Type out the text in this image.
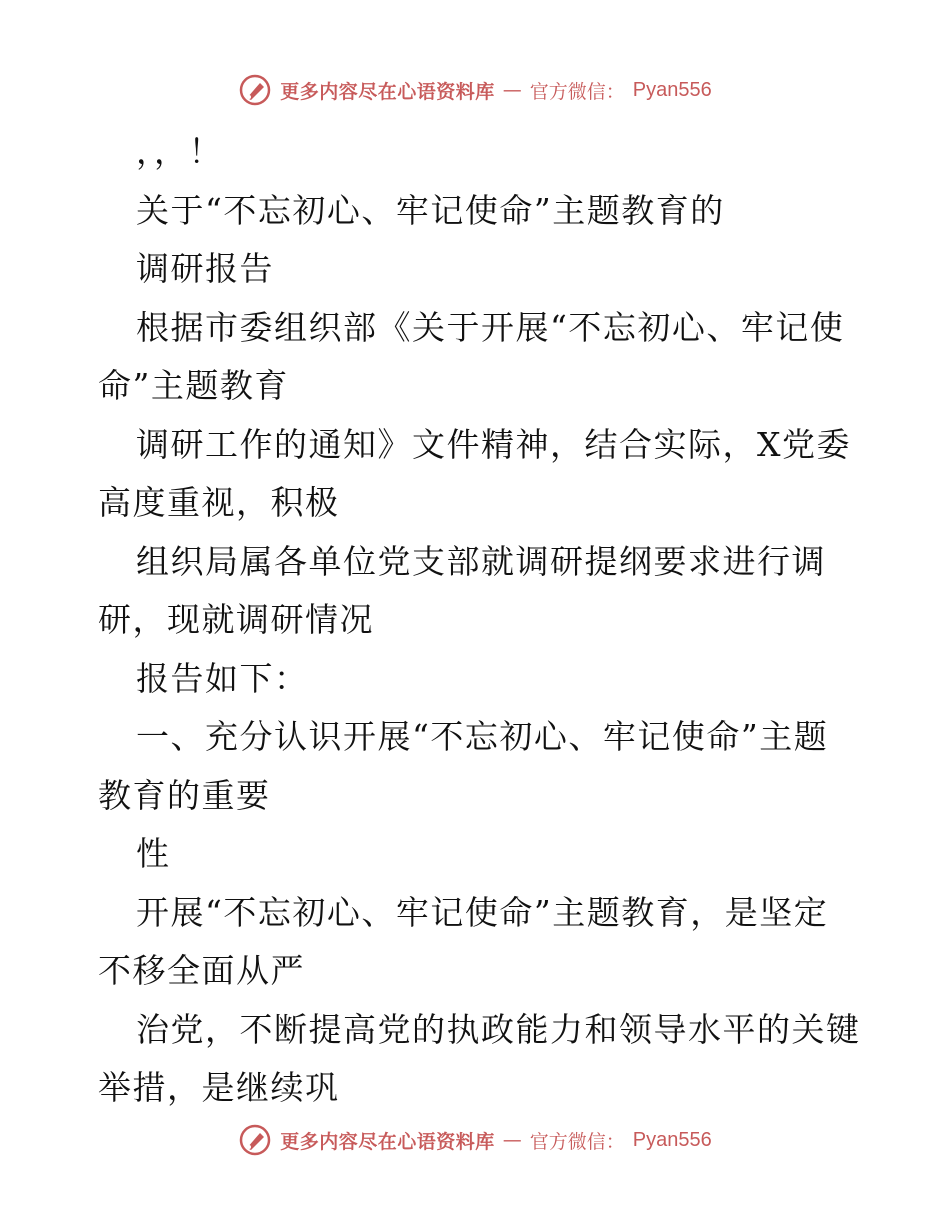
更多内容尽在心语资料库 — 官方微信： Pyan556
，，！
关于“不忘初心、牢记使命”主题教育的
调研报告
根据市委组织部《关于开展“不忘初心、牢记使
命”主题教育
调研工作的通知》文件精神，结合实际，X党委
高度重视，积极
组织局属各单位党支部就调研提纲要求进行调
研，现就调研情况
报告如下：
一、充分认识开展“不忘初心、牢记使命”主题
教育的重要
性
开展“不忘初心、牢记使命”主题教育，是坚定
不移全面从严
治党，不断提高党的执政能力和领导水平的关键
举措，是继续巩
更多内容尽在心语资料库 — 官方微信： Pyan556
